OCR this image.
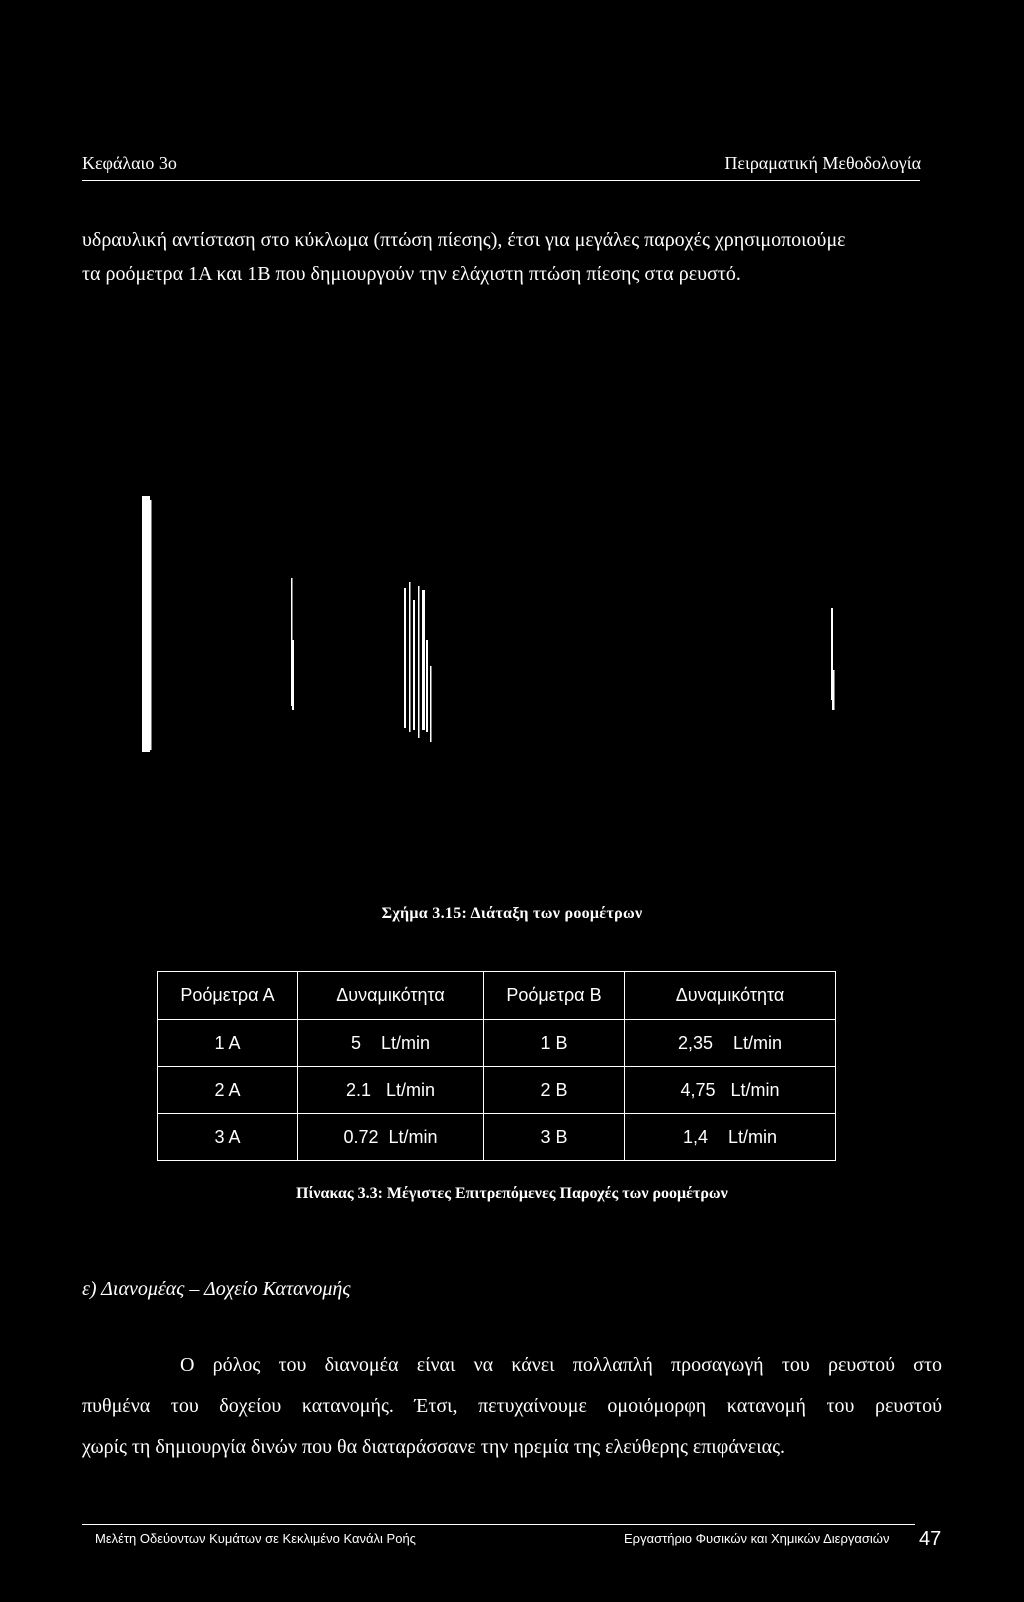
Κεφάλαιο 3ο	Πειραματική Μεθοδολογία

υδραυλική αντίσταση στο κύκλωμα (πτώση πίεσης), έτσι για μεγάλες παροχές χρησιμοποιούμε

τα ροόμετρα 1Α και 1Β που δημιουργούν την ελάχιστη πτώση πίεσης στα ρευστό.

Σχήμα 3.15: Διάταξη των ροομέτρων
Ροόμετρα Α	Δυναμικότητα	Ροόμετρα Β	Δυναμικότητα
1 A	5    Lt/min	1 B	2,35    Lt/min
2 A	2.1   Lt/min	2 B	4,75   Lt/min
3 A	0.72  Lt/min	3 B	1,4    Lt/min
Πίνακας 3.3: Μέγιστες Επιτρεπόμενες Παροχές των ροομέτρων
ε) Διανομέας – Δοχείο Κατανομής
Ο ρόλος του διανομέα είναι να κάνει πολλαπλή προσαγωγή του ρευστού στο
πυθμένα του δοχείου κατανομής. Έτσι, πετυχαίνουμε ομοιόμορφη κατανομή του ρευστού
χωρίς τη δημιουργία δινών που θα διαταράσσανε την ηρεμία της ελεύθερης επιφάνειας.
Μελέτη Οδεύοντων Κυμάτων σε Κεκλιμένο Κανάλι Ροής	Εργαστήριο Φυσικών και Χημικών Διεργασιών 47
